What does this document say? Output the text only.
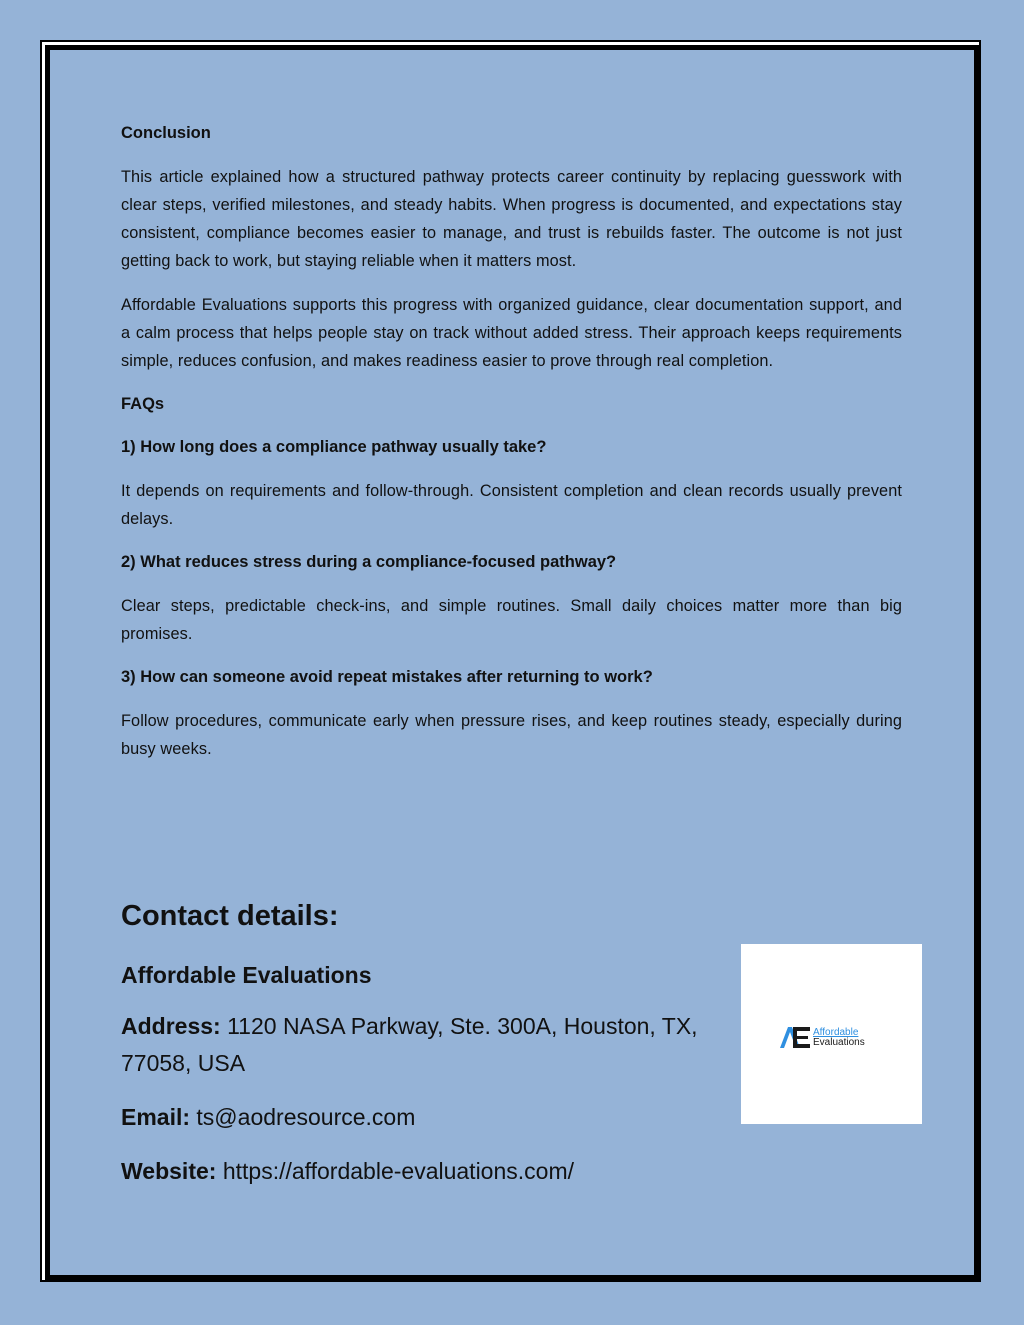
Conclusion

This article explained how a structured pathway protects career continuity by replacing guesswork with clear steps, verified milestones, and steady habits. When progress is documented, and expectations stay consistent, compliance becomes easier to manage, and trust is rebuilds faster. The outcome is not just getting back to work, but staying reliable when it matters most.

Affordable Evaluations supports this progress with organized guidance, clear documentation support, and a calm process that helps people stay on track without added stress. Their approach keeps requirements simple, reduces confusion, and makes readiness easier to prove through real completion.

FAQs
1) How long does a compliance pathway usually take?

It depends on requirements and follow-through. Consistent completion and clean records usually prevent delays.

2) What reduces stress during a compliance-focused pathway?

Clear steps, predictable check-ins, and simple routines. Small daily choices matter more than big promises.

3) How can someone avoid repeat mistakes after returning to work?

Follow procedures, communicate early when pressure rises, and keep routines steady, especially during busy weeks.

Contact details:
Affordable Evaluations
Address: 1120 NASA Parkway, Ste. 300A, Houston, TX, 77058, USA
Email: ts@aodresource.com
Website: https://affordable-evaluations.com/
Affordable
Evaluations
